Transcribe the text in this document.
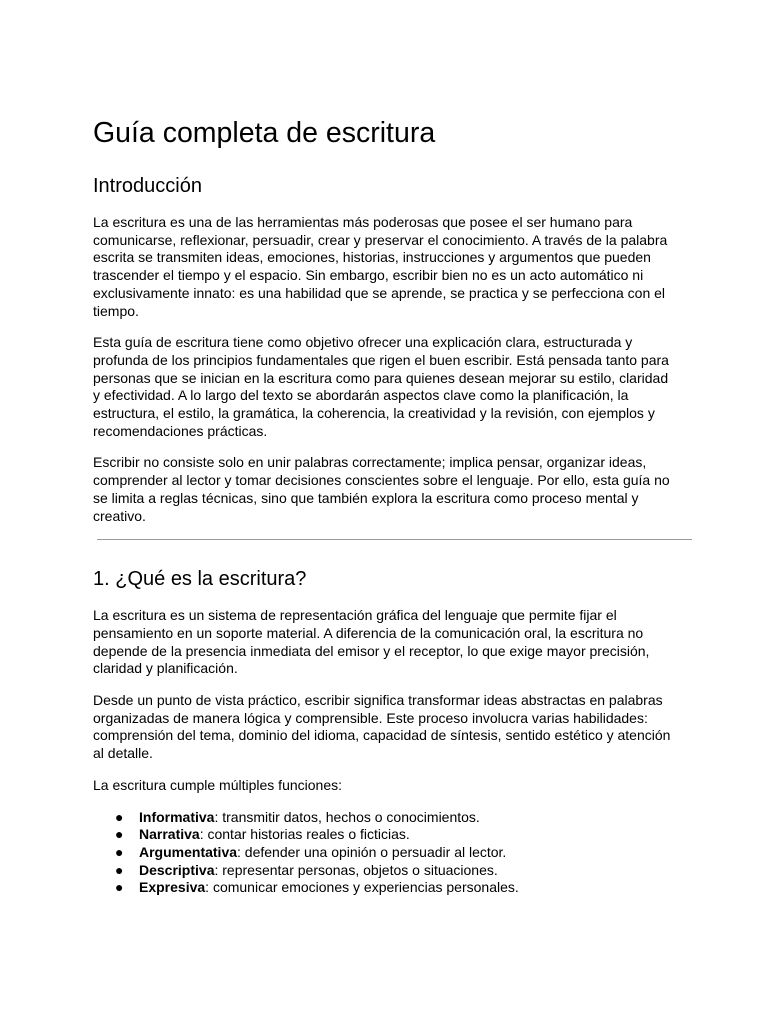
Guía completa de escritura
Introducción

La escritura es una de las herramientas más poderosas que posee el ser humano para comunicarse, reflexionar, persuadir, crear y preservar el conocimiento. A través de la palabra escrita se transmiten ideas, emociones, historias, instrucciones y argumentos que pueden trascender el tiempo y el espacio. Sin embargo, escribir bien no es un acto automático ni exclusivamente innato: es una habilidad que se aprende, se practica y se perfecciona con el tiempo.

Esta guía de escritura tiene como objetivo ofrecer una explicación clara, estructurada y profunda de los principios fundamentales que rigen el buen escribir. Está pensada tanto para personas que se inician en la escritura como para quienes desean mejorar su estilo, claridad y efectividad. A lo largo del texto se abordarán aspectos clave como la planificación, la estructura, el estilo, la gramática, la coherencia, la creatividad y la revisión, con ejemplos y recomendaciones prácticas.

Escribir no consiste solo en unir palabras correctamente; implica pensar, organizar ideas, comprender al lector y tomar decisiones conscientes sobre el lenguaje. Por ello, esta guía no se limita a reglas técnicas, sino que también explora la escritura como proceso mental y creativo.

1. ¿Qué es la escritura?

La escritura es un sistema de representación gráfica del lenguaje que permite fijar el pensamiento en un soporte material. A diferencia de la comunicación oral, la escritura no depende de la presencia inmediata del emisor y el receptor, lo que exige mayor precisión, claridad y planificación.

Desde un punto de vista práctico, escribir significa transformar ideas abstractas en palabras organizadas de manera lógica y comprensible. Este proceso involucra varias habilidades: comprensión del tema, dominio del idioma, capacidad de síntesis, sentido estético y atención al detalle.

La escritura cumple múltiples funciones:

● Informativa: transmitir datos, hechos o conocimientos.
● Narrativa: contar historias reales o ficticias.
● Argumentativa: defender una opinión o persuadir al lector.
● Descriptiva: representar personas, objetos o situaciones.
● Expresiva: comunicar emociones y experiencias personales.
